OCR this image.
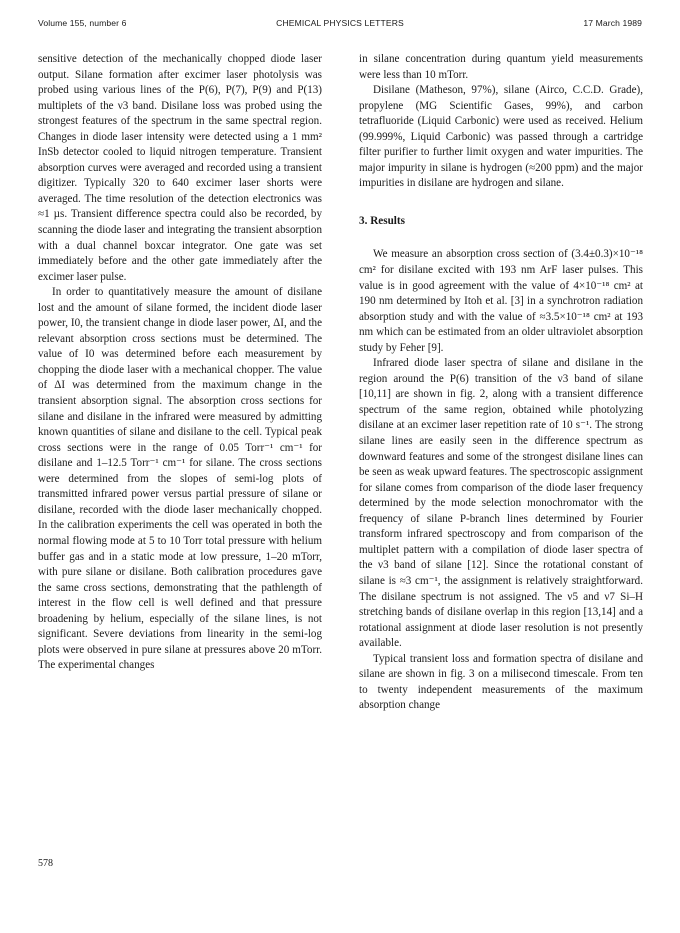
Volume 155, number 6	CHEMICAL PHYSICS LETTERS	17 March 1989

sensitive detection of the mechanically chopped diode laser output. Silane formation after excimer laser photolysis was probed using various lines of the P(6), P(7), P(9) and P(13) multiplets of the ν3 band. Disilane loss was probed using the strongest features of the spectrum in the same spectral region. Changes in diode laser intensity were detected using a 1 mm² InSb detector cooled to liquid nitrogen temperature. Transient absorption curves were averaged and recorded using a transient digitizer. Typically 320 to 640 excimer laser shorts were averaged. The time resolution of the detection electronics was ≈1 µs. Transient difference spectra could also be recorded, by scanning the diode laser and integrating the transient absorption with a dual channel boxcar integrator. One gate was set immediately before and the other gate immediately after the excimer laser pulse.

In order to quantitatively measure the amount of disilane lost and the amount of silane formed, the incident diode laser power, I0, the transient change in diode laser power, ΔI, and the relevant absorption cross sections must be determined. The value of I0 was determined before each measurement by chopping the diode laser with a mechanical chopper. The value of ΔI was determined from the maximum change in the transient absorption signal. The absorption cross sections for silane and disilane in the infrared were measured by admitting known quantities of silane and disilane to the cell. Typical peak cross sections were in the range of 0.05 Torr⁻¹ cm⁻¹ for disilane and 1–12.5 Torr⁻¹ cm⁻¹ for silane. The cross sections were determined from the slopes of semi-log plots of transmitted infrared power versus partial pressure of silane or disilane, recorded with the diode laser mechanically chopped. In the calibration experiments the cell was operated in both the normal flowing mode at 5 to 10 Torr total pressure with helium buffer gas and in a static mode at low pressure, 1–20 mTorr, with pure silane or disilane. Both calibration procedures gave the same cross sections, demonstrating that the pathlength of interest in the flow cell is well defined and that pressure broadening by helium, especially of the silane lines, is not significant. Severe deviations from linearity in the semi-log plots were observed in pure silane at pressures above 20 mTorr. The experimental changes

in silane concentration during quantum yield measurements were less than 10 mTorr.

Disilane (Matheson, 97%), silane (Airco, C.C.D. Grade), propylene (MG Scientific Gases, 99%), and carbon tetrafluoride (Liquid Carbonic) were used as received. Helium (99.999%, Liquid Carbonic) was passed through a cartridge filter purifier to further limit oxygen and water impurities. The major impurity in silane is hydrogen (≈200 ppm) and the major impurities in disilane are hydrogen and silane.

3. Results

We measure an absorption cross section of (3.4±0.3)×10⁻¹⁸ cm² for disilane excited with 193 nm ArF laser pulses. This value is in good agreement with the value of 4×10⁻¹⁸ cm² at 190 nm determined by Itoh et al. [3] in a synchrotron radiation absorption study and with the value of ≈3.5×10⁻¹⁸ cm² at 193 nm which can be estimated from an older ultraviolet absorption study by Feher [9].

Infrared diode laser spectra of silane and disilane in the region around the P(6) transition of the ν3 band of silane [10,11] are shown in fig. 2, along with a transient difference spectrum of the same region, obtained while photolyzing disilane at an excimer laser repetition rate of 10 s⁻¹. The strong silane lines are easily seen in the difference spectrum as downward features and some of the strongest disilane lines can be seen as weak upward features. The spectroscopic assignment for silane comes from comparison of the diode laser frequency determined by the mode selection monochromator with the frequency of silane P-branch lines determined by Fourier transform infrared spectroscopy and from comparison of the multiplet pattern with a compilation of diode laser spectra of the ν3 band of silane [12]. Since the rotational constant of silane is ≈3 cm⁻¹, the assignment is relatively straightforward. The disilane spectrum is not assigned. The ν5 and ν7 Si–H stretching bands of disilane overlap in this region [13,14] and a rotational assignment at diode laser resolution is not presently available.

Typical transient loss and formation spectra of disilane and silane are shown in fig. 3 on a milisecond timescale. From ten to twenty independent measurements of the maximum absorption change

578
